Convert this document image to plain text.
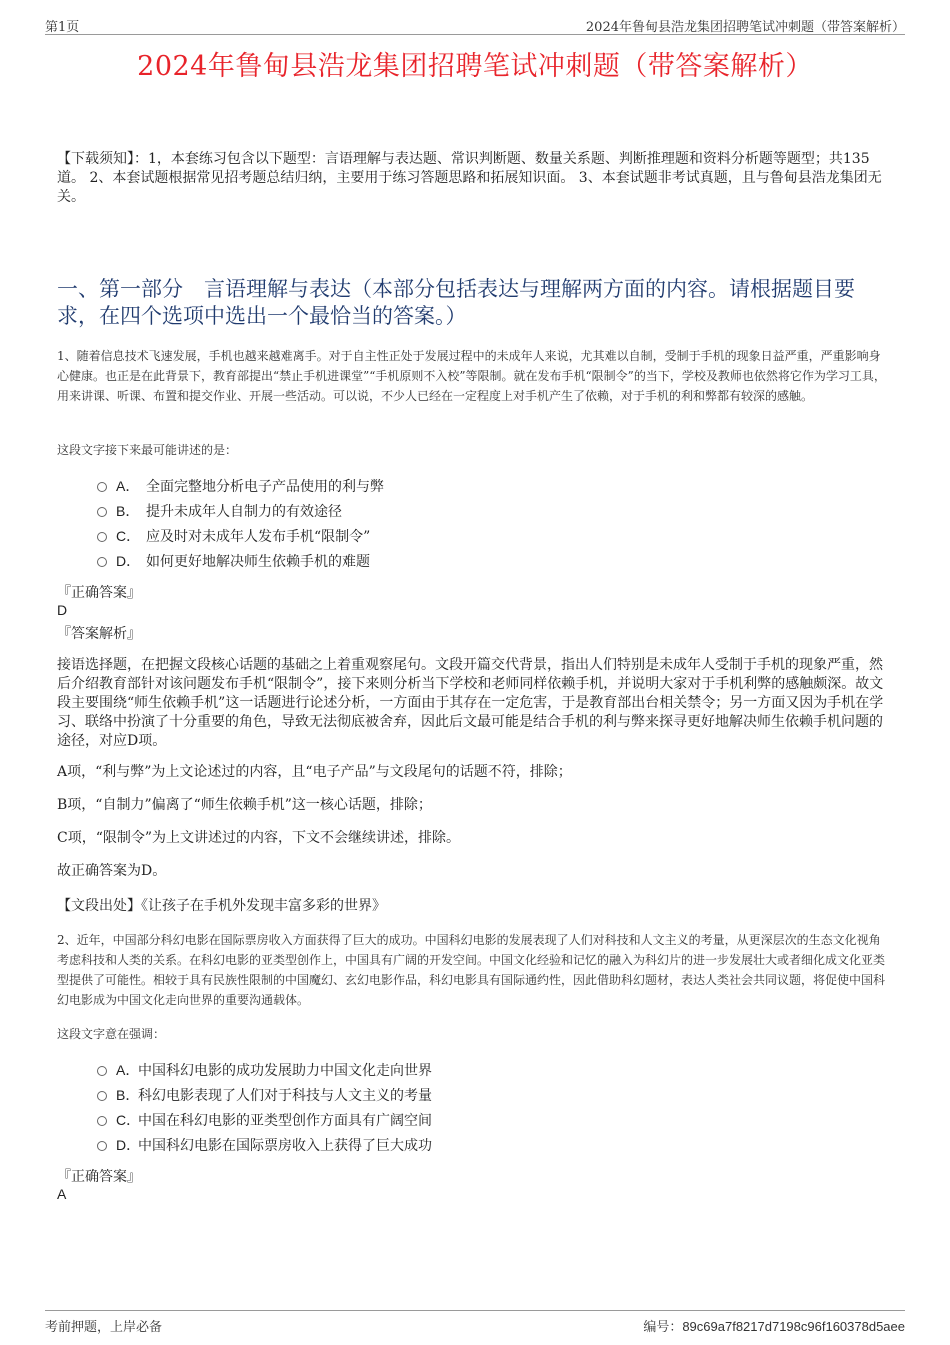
第1页	2024年鲁甸县浩龙集团招聘笔试冲刺题（带答案解析）
2024年鲁甸县浩龙集团招聘笔试冲刺题（带答案解析）
【下载须知】：1，本套练习包含以下题型：言语理解与表达题、常识判断题、数量关系题、判断推理题和资料分析题等题型；共135道。 2、本套试题根据常见招考题总结归纳，主要用于练习答题思路和拓展知识面。 3、本套试题非考试真题，且与鲁甸县浩龙集团无关。
一、第一部分　言语理解与表达（本部分包括表达与理解两方面的内容。请根据题目要求，在四个选项中选出一个最恰当的答案。）
1、随着信息技术飞速发展，手机也越来越难离手。对于自主性正处于发展过程中的未成年人来说，尤其难以自制，受制于手机的现象日益严重，严重影响身心健康。也正是在此背景下，教育部提出“禁止手机进课堂”“手机原则不入校”等限制。就在发布手机“限制令”的当下，学校及教师也依然将它作为学习工具，用来讲课、听课、布置和提交作业、开展一些活动。可以说，不少人已经在一定程度上对手机产生了依赖，对于手机的利和弊都有较深的感触。
这段文字接下来最可能讲述的是：
A． 全面完整地分析电子产品使用的利与弊
B． 提升未成年人自制力的有效途径
C． 应及时对未成年人发布手机“限制令”
D． 如何更好地解决师生依赖手机的难题
『正确答案』
D
『答案解析』
接语选择题，在把握文段核心话题的基础之上着重观察尾句。文段开篇交代背景，指出人们特别是未成年人受制于手机的现象严重，然后介绍教育部针对该问题发布手机“限制令”，接下来则分析当下学校和老师同样依赖手机，并说明大家对于手机利弊的感触颇深。故文段主要围绕“师生依赖手机”这一话题进行论述分析，一方面由于其存在一定危害，于是教育部出台相关禁令；另一方面又因为手机在学习、联络中扮演了十分重要的角色，导致无法彻底被舍弃，因此后文最可能是结合手机的利与弊来探寻更好地解决师生依赖手机问题的途径，对应D项。
A项，“利与弊”为上文论述过的内容，且“电子产品”与文段尾句的话题不符，排除；
B项，“自制力”偏离了“师生依赖手机”这一核心话题，排除；
C项，“限制令”为上文讲述过的内容，下文不会继续讲述，排除。
故正确答案为D。
【文段出处】《让孩子在手机外发现丰富多彩的世界》
2、近年，中国部分科幻电影在国际票房收入方面获得了巨大的成功。中国科幻电影的发展表现了人们对科技和人文主义的考量，从更深层次的生态文化视角考虑科技和人类的关系。在科幻电影的亚类型创作上，中国具有广阔的开发空间。中国文化经验和记忆的融入为科幻片的进一步发展壮大或者细化成文化亚类型提供了可能性。相较于具有民族性限制的中国魔幻、玄幻电影作品，科幻电影具有国际通约性，因此借助科幻题材，表达人类社会共同议题，将促使中国科幻电影成为中国文化走向世界的重要沟通载体。
这段文字意在强调：
A．
中国科幻电影的成功发展助力中国文化走向世界
B．
科幻电影表现了人们对于科技与人文主义的考量
C．
中国在科幻电影的亚类型创作方面具有广阔空间
D．
中国科幻电影在国际票房收入上获得了巨大成功
『正确答案』
A
考前押题，上岸必备	编号：89c69a7f8217d7198c96f160378d5aee
